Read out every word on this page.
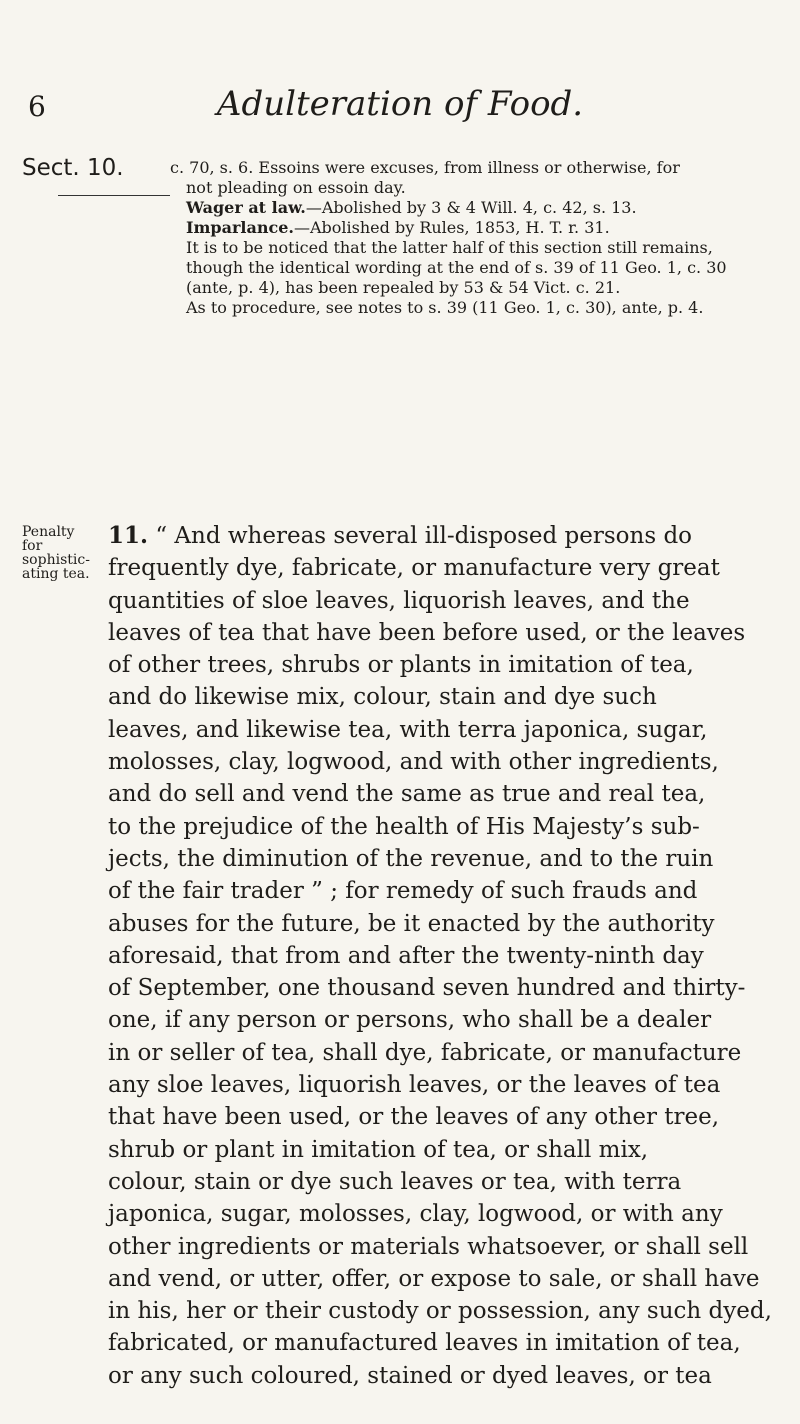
6	Adulteration of Food.
Sect. 10.	c. 70, s. 6. Essoins were excuses, from illness or otherwise, for
not pleading on essoin day.
Wager at law.—Abolished by 3 & 4 Will. 4, c. 42, s. 13.
Imparlance.—Abolished by Rules, 1853, H. T. r. 31.
It is to be noticed that the latter half of this section still remains,
though the identical wording at the end of s. 39 of 11 Geo. 1, c. 30
(ante, p. 4), has been repealed by 53 & 54 Vict. c. 21.
As to procedure, see notes to s. 39 (11 Geo. 1, c. 30), ante, p. 4.
Penalty for
sophistic-
ating tea.
11. “ And whereas several ill-disposed persons do
frequently dye, fabricate, or manufacture very great
quantities of sloe leaves, liquorish leaves, and the
leaves of tea that have been before used, or the leaves
of other trees, shrubs or plants in imitation of tea,
and do likewise mix, colour, stain and dye such
leaves, and likewise tea, with terra japonica, sugar,
molosses, clay, logwood, and with other ingredients,
and do sell and vend the same as true and real tea,
to the prejudice of the health of His Majesty’s sub-
jects, the diminution of the revenue, and to the ruin
of the fair trader ” ; for remedy of such frauds and
abuses for the future, be it enacted by the authority
aforesaid, that from and after the twenty-ninth day
of September, one thousand seven hundred and thirty-
one, if any person or persons, who shall be a dealer
in or seller of tea, shall dye, fabricate, or manufacture
any sloe leaves, liquorish leaves, or the leaves of tea
that have been used, or the leaves of any other tree,
shrub or plant in imitation of tea, or shall mix,
colour, stain or dye such leaves or tea, with terra
japonica, sugar, molosses, clay, logwood, or with any
other ingredients or materials whatsoever, or shall sell
and vend, or utter, offer, or expose to sale, or shall have
in his, her or their custody or possession, any such dyed,
fabricated, or manufactured leaves in imitation of tea,
or any such coloured, stained or dyed leaves, or tea
